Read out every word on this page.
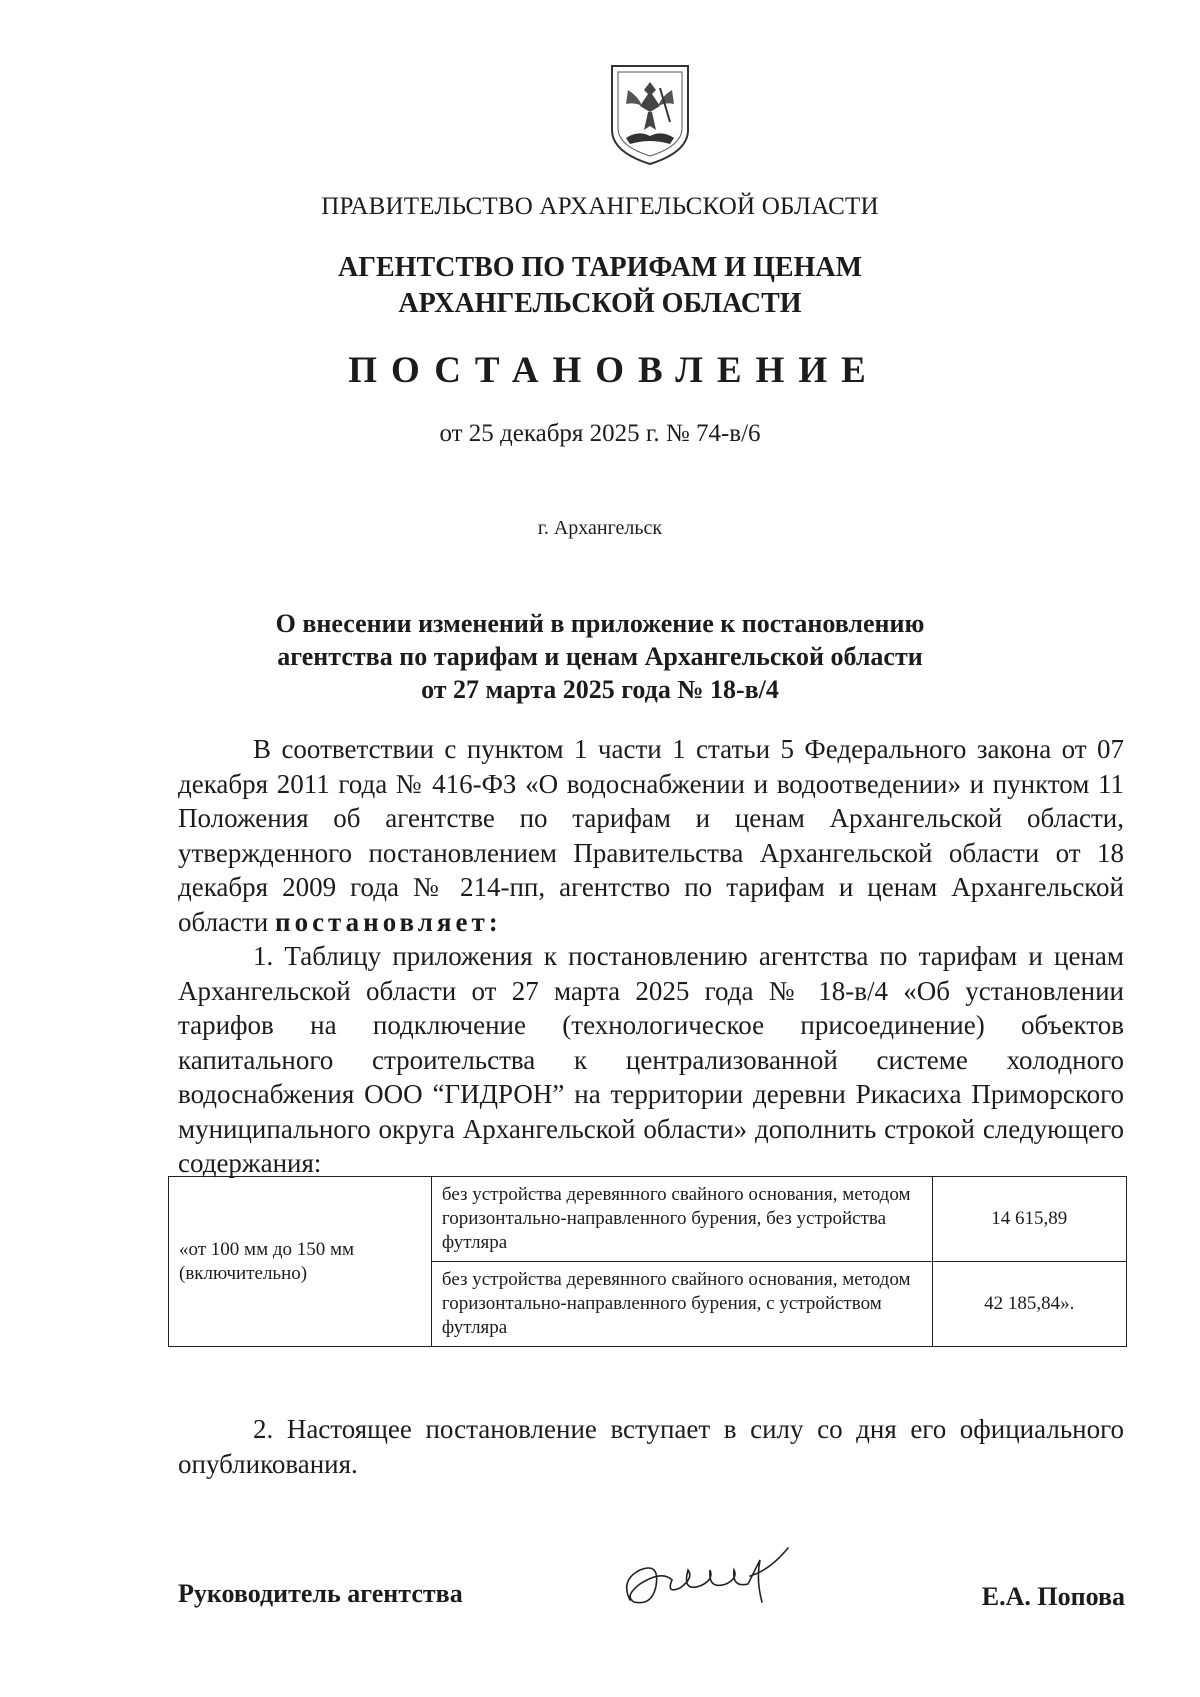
ПРАВИТЕЛЬСТВО АРХАНГЕЛЬСКОЙ ОБЛАСТИ
АГЕНТСТВО ПО ТАРИФАМ И ЦЕНАМ
АРХАНГЕЛЬСКОЙ ОБЛАСТИ
ПОСТАНОВЛЕНИЕ
от 25 декабря 2025 г. № 74-в/6
г. Архангельск
О внесении изменений в приложение к постановлению
агентства по тарифам и ценам Архангельской области
от 27 марта 2025 года № 18-в/4
В соответствии с пунктом 1 части 1 статьи 5 Федерального закона от 07 декабря 2011 года № 416-ФЗ «О водоснабжении и водоотведении» и пунктом 11 Положения об агентстве по тарифам и ценам Архангельской области, утвержденного постановлением Правительства Архангельской области от 18 декабря 2009 года № 214-пп, агентство по тарифам и ценам Архангельской области постановляет:
1. Таблицу приложения к постановлению агентства по тарифам и ценам Архангельской области от 27 марта 2025 года № 18-в/4 «Об установлении тарифов на подключение (технологическое присоединение) объектов капитального строительства к централизованной системе холодного водоснабжения ООО “ГИДРОН” на территории деревни Рикасиха Приморского муниципального округа Архангельской области» дополнить строкой следующего содержания:
«от 100 мм до 150 мм (включительно)	без устройства деревянного свайного основания, методом горизонтально-направленного бурения, без устройства футляра	14 615,89
	без устройства деревянного свайного основания, методом горизонтально-направленного бурения, с устройством футляра	42 185,84».
2. Настоящее постановление вступает в силу со дня его официального опубликования.
Руководитель агентства	Е.А. Попова
